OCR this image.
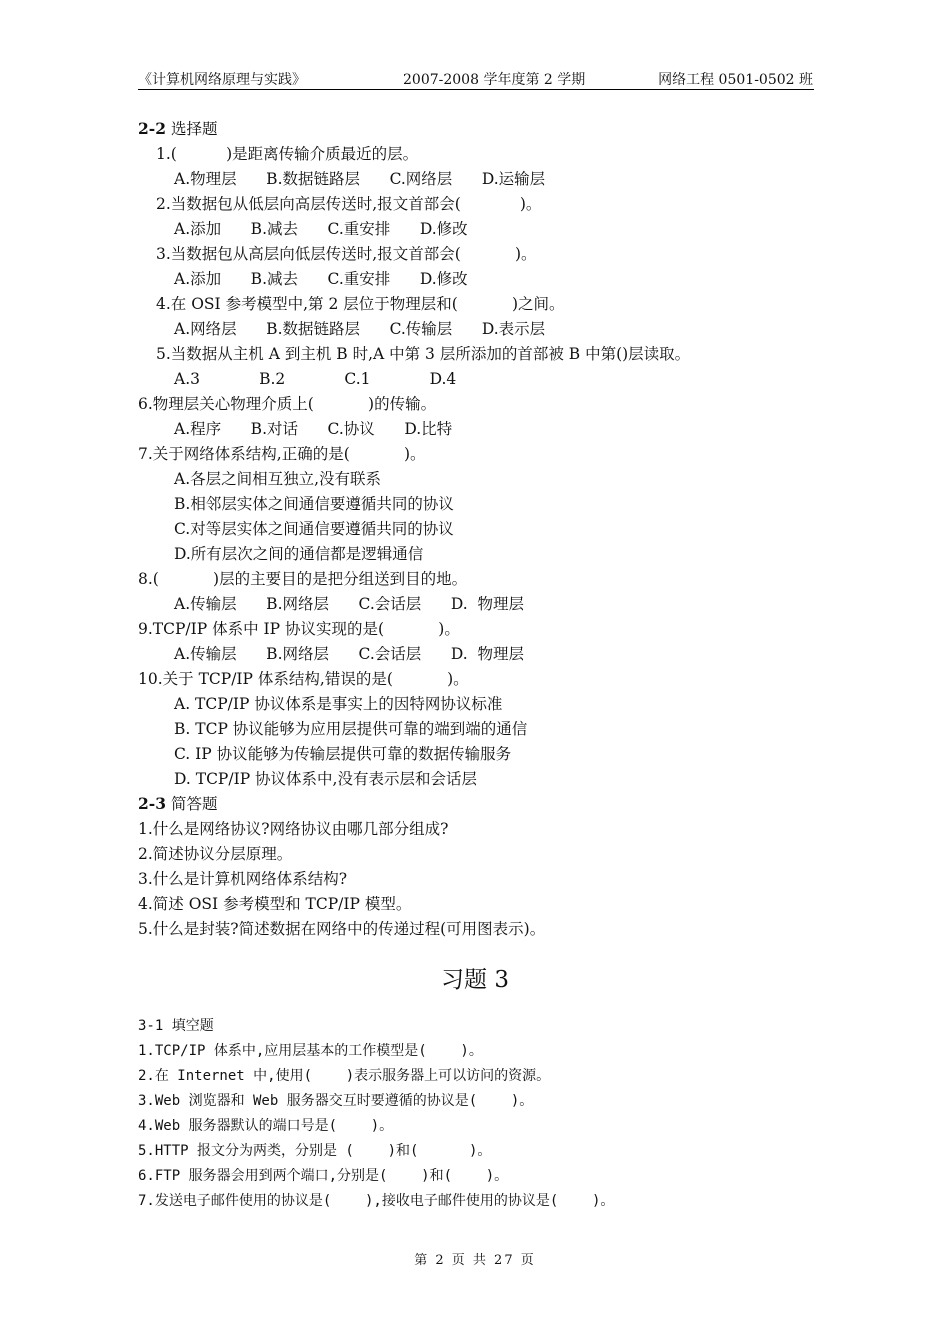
《计算机网络原理与实践》	2007-2008 学年度第 2 学期	网络工程 0501-0502 班
2-2 选择题
1.(          )是距离传输介质最近的层。
A.物理层      B.数据链路层      C.网络层      D.运输层
2.当数据包从低层向高层传送时,报文首部会(            )。
A.添加      B.减去      C.重安排      D.修改
3.当数据包从高层向低层传送时,报文首部会(           )。
A.添加      B.减去      C.重安排      D.修改
4.在 OSI 参考模型中,第 2 层位于物理层和(           )之间。
A.网络层      B.数据链路层      C.传输层      D.表示层
5.当数据从主机 A 到主机 B 时,A 中第 3 层所添加的首部被 B 中第()层读取。
A.3            B.2            C.1            D.4
6.物理层关心物理介质上(           )的传输。
A.程序      B.对话      C.协议      D.比特
7.关于网络体系结构,正确的是(           )。
A.各层之间相互独立,没有联系
B.相邻层实体之间通信要遵循共同的协议
C.对等层实体之间通信要遵循共同的协议
D.所有层次之间的通信都是逻辑通信
8.(           )层的主要目的是把分组送到目的地。
A.传输层      B.网络层      C.会话层      D.  物理层
9.TCP/IP 体系中 IP 协议实现的是(           )。
A.传输层      B.网络层      C.会话层      D.  物理层
10.关于 TCP/IP 体系结构,错误的是(           )。
A. TCP/IP 协议体系是事实上的因特网协议标准
B. TCP 协议能够为应用层提供可靠的端到端的通信
C. IP 协议能够为传输层提供可靠的数据传输服务
D. TCP/IP 协议体系中,没有表示层和会话层
2-3 简答题
1.什么是网络协议?网络协议由哪几部分组成?
2.简述协议分层原理。
3.什么是计算机网络体系结构?
4.简述 OSI 参考模型和 TCP/IP 模型。
5.什么是封装?简述数据在网络中的传递过程(可用图表示)。
习题 3
3-1 填空题
1.TCP/IP 体系中,应用层基本的工作模型是(    )。
2.在 Internet 中,使用(    )表示服务器上可以访问的资源。
3.Web 浏览器和 Web 服务器交互时要遵循的协议是(    )。
4.Web 服务器默认的端口号是(    )。
5.HTTP 报文分为两类，分别是 (    )和(      )。
6.FTP 服务器会用到两个端口,分别是(    )和(    )。
7.发送电子邮件使用的协议是(    ),接收电子邮件使用的协议是(    )。
第 2 页 共 27 页
